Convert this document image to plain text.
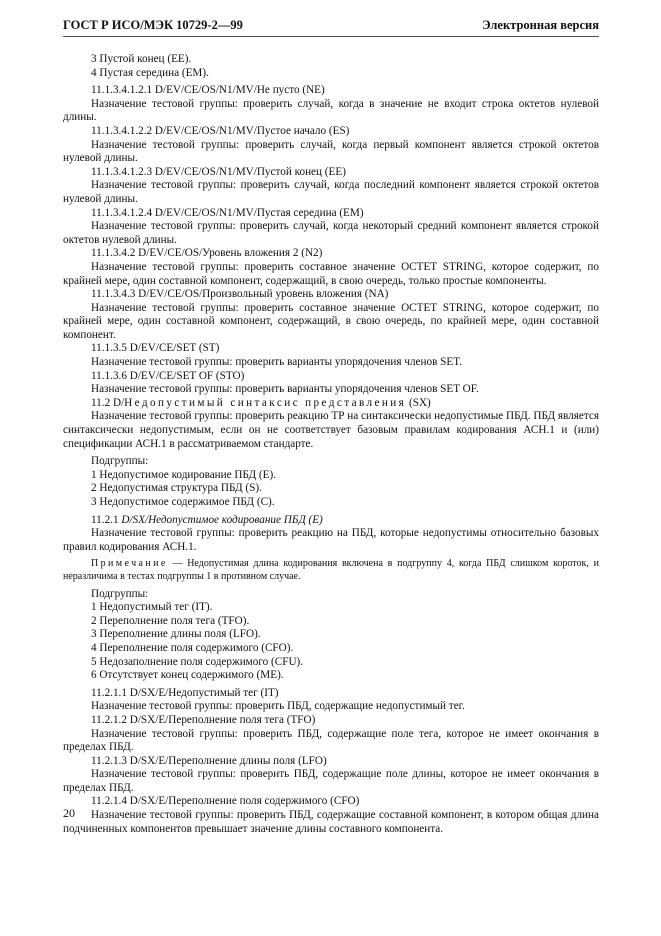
ГОСТ Р ИСО/МЭК 10729-2—99	Электронная версия

3 Пустой конец (EE).

4 Пустая середина (EM).

11.1.3.4.1.2.1 D/EV/CE/OS/N1/MV/Не пусто (NE)

Назначение тестовой группы: проверить случай, когда в значение не входит строка октетов нулевой длины.

11.1.3.4.1.2.2 D/EV/CE/OS/N1/MV/Пустое начало (ES)

Назначение тестовой группы: проверить случай, когда первый компонент является строкой октетов нулевой длины.

11.1.3.4.1.2.3 D/EV/CE/OS/N1/MV/Пустой конец (EE)

Назначение тестовой группы: проверить случай, когда последний компонент является строкой октетов нулевой длины.

11.1.3.4.1.2.4 D/EV/CE/OS/N1/MV/Пустая середина (EM)

Назначение тестовой группы: проверить случай, когда некоторый средний компонент является строкой октетов нулевой длины.

11.1.3.4.2 D/EV/CE/OS/Уровень вложения 2 (N2)

Назначение тестовой группы: проверить составное значение OCTET STRING, которое содержит, по крайней мере, один составной компонент, содержащий, в свою очередь, только простые компоненты.

11.1.3.4.3 D/EV/CE/OS/Произвольный уровень вложения (NA)

Назначение тестовой группы: проверить составное значение OCTET STRING, которое содержит, по крайней мере, один составной компонент, содержащий, в свою очередь, по крайней мере, один составной компонент.

11.1.3.5 D/EV/CE/SET (ST)

Назначение тестовой группы: проверить варианты упорядочения членов SET.

11.1.3.6 D/EV/CE/SET OF (STO)

Назначение тестовой группы: проверить варианты упорядочения членов SET OF.

11.2 D/Недопустимый синтаксис представления (SX)

Назначение тестовой группы: проверить реакцию ТР на синтаксически недопустимые ПБД. ПБД является синтаксически недопустимым, если он не соответствует базовым правилам кодирования АСН.1 и (или) спецификации АСН.1 в рассматриваемом стандарте.

Подгруппы:

1 Недопустимое кодирование ПБД (E).

2 Недопустимая структура ПБД (S).

3 Недопустимое содержимое ПБД (C).

11.2.1 D/SX/Недопустимое кодирование ПБД (E)

Назначение тестовой группы: проверить реакцию на ПБД, которые недопустимы относительно базовых правил кодирования АСН.1.

Примечание — Недопустимая длина кодирования включена в подгруппу 4, когда ПБД слишком короток, и неразличима в тестах подгруппы 1 в противном случае.

Подгруппы:

1 Недопустимый тег (IT).

2 Переполнение поля тега (TFO).

3 Переполнение длины поля (LFO).

4 Переполнение поля содержимого (CFO).

5 Недозаполнение поля содержимого (CFU).

6 Отсутствует конец содержимого (ME).

11.2.1.1 D/SX/E/Недопустимый тег (IT)

Назначение тестовой группы: проверить ПБД, содержащие недопустимый тег.

11.2.1.2 D/SX/E/Переполнение поля тега (TFO)

Назначение тестовой группы: проверить ПБД, содержащие поле тега, которое не имеет окончания в пределах ПБД.

11.2.1.3 D/SX/E/Переполнение длины поля (LFO)

Назначение тестовой группы: проверить ПБД, содержащие поле длины, которое не имеет окончания в пределах ПБД.

11.2.1.4 D/SX/E/Переполнение поля содержимого (CFO)

Назначение тестовой группы: проверить ПБД, содержащие составной компонент, в котором общая длина подчиненных компонентов превышает значение длины составного компонента.

20
